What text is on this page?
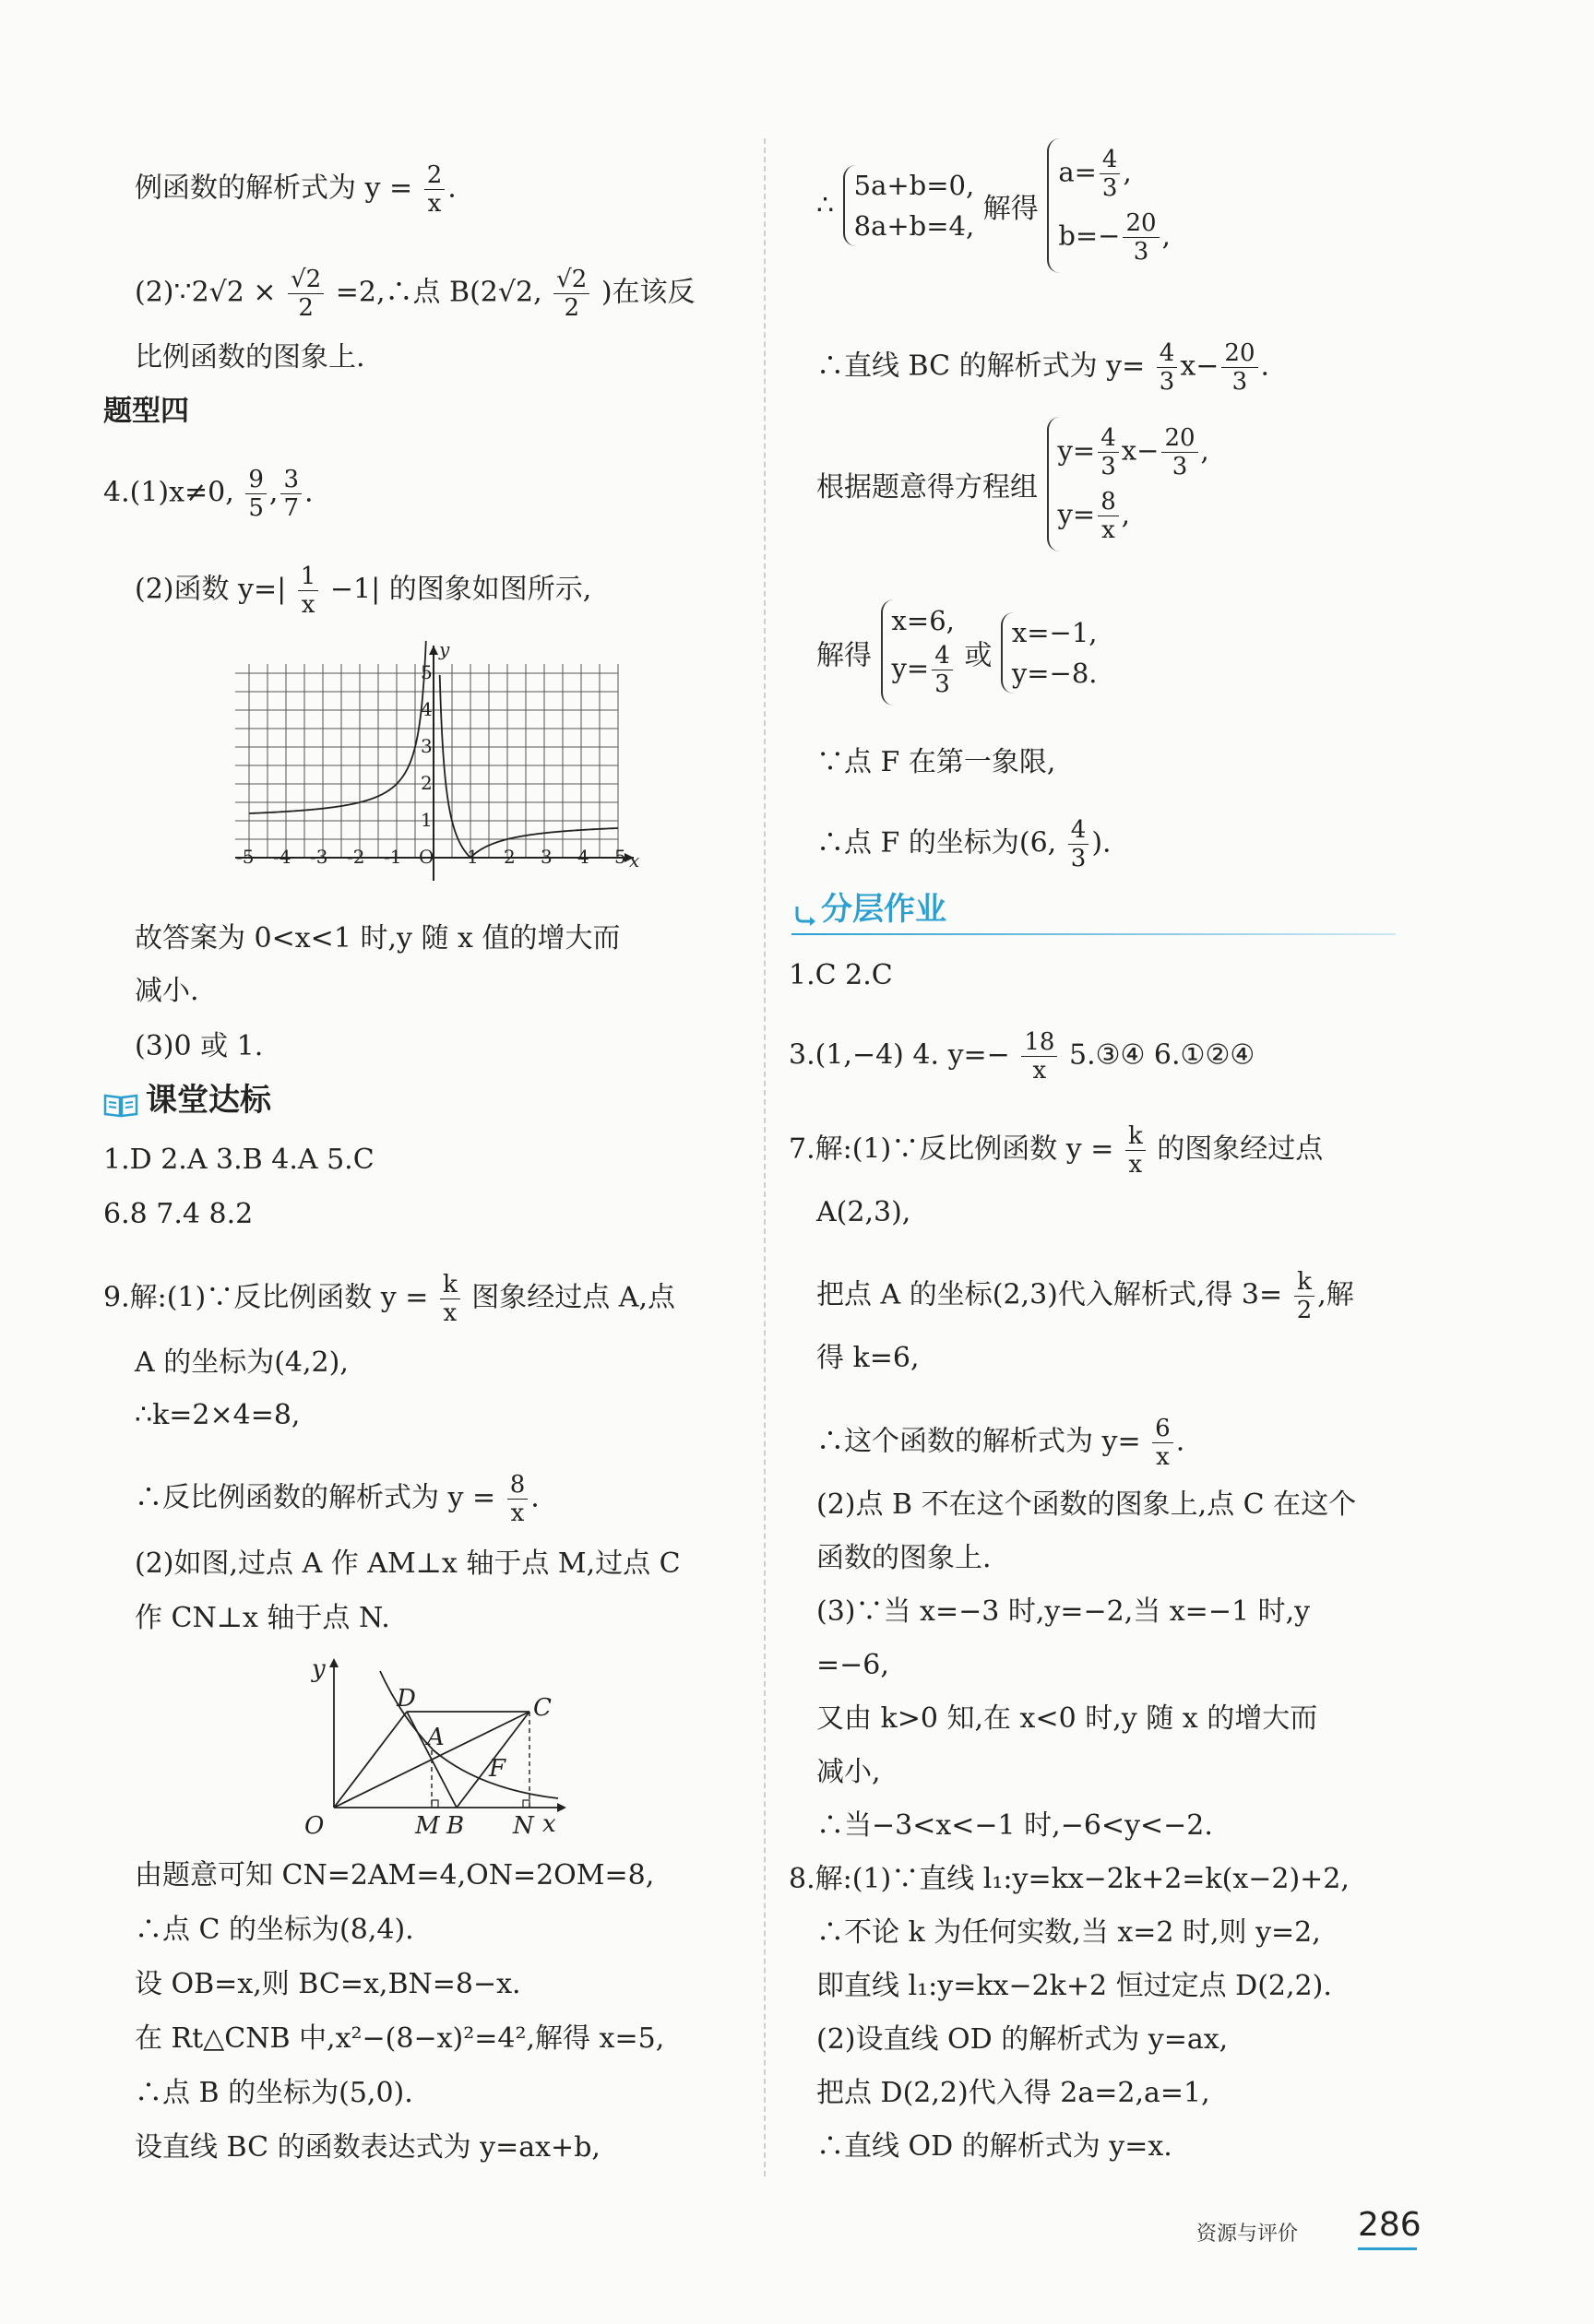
例函数的解析式为 $y = \frac{2}{x}$ .
(2)∵2√2 × $\frac{√2}{2}$ =2,∴点 B(2√2, $\frac{√2}{2}$ )在该反
比例函数的图象上.
题型四
4.(1)x≠0, $\frac{9}{5}$ , $\frac{3}{7}$ .
(2)函数 $y=| \frac{1}{x} -1|$ 的图象如图所示,
-5 -4 -3 -2 -1 O 1 2 3 4 5
1
2
3
4
5
x
y
故答案为 0<x<1 时,y 随 x 值的增大而
减小.
(3)0 或 1.
课堂达标
1.D 2.A 3.B 4.A 5.C
6.8 7.4 8.2
9.解:(1)∵反比例函数 $y = \frac{k}{x}$ 图象经过点 A,点
A 的坐标为(4,2),
∴k=2×4=8,
∴反比例函数的解析式为 $y = \frac{8}{x}$ .
(2)如图,过点 A 作 AM⊥x 轴于点 M,过点 C
作 CN⊥x 轴于点 N.
y
D	C
A
F
O	M B N x
由题意可知 CN=2AM=4,ON=2OM=8,
∴点 C 的坐标为(8,4).
设 OB=x,则 BC=x,BN=8−x.
在 Rt△CNB 中,x²−(8−x)²=4²,解得 x=5,
∴点 B 的坐标为(5,0).
设直线 BC 的函数表达式为 y=ax+b,
∴
5a+b=0,
8a+b=4,
解得
$a= \frac{4}{3}$ ,
$b=- \frac{20}{3}$ ,
∴直线 BC 的解析式为 $y= \frac{4}{3} x- \frac{20}{3}$ .
根据题意得方程组
$y= \frac{4}{3} x- \frac{20}{3}$ ,
$y= \frac{8}{x}$ ,
解得
x=6,
$y= \frac{4}{3}$ 或
x=−1,
y=−8.
∵点 F 在第一象限,
∴点 F 的坐标为(6, $\frac{4}{3}$ ).
分层作业
1.C 2.C
3.(1,−4) 4. $y=- \frac{18}{x}$ 5.③④ 6.①②④
7.解:(1)∵反比例函数 $y = \frac{k}{x}$ 的图象经过点
A(2,3),
把点 A 的坐标(2,3)代入解析式,得 $3= \frac{k}{2}$ ,解
得 k=6,
∴这个函数的解析式为 $y= \frac{6}{x}$ .
(2)点 B 不在这个函数的图象上,点 C 在这个
函数的图象上.
(3)∵当 x=−3 时,y=−2,当 x=−1 时,y
=−6,
又由 k>0 知,在 x<0 时,y 随 x 的增大而
减小,
∴当−3<x<−1 时,−6<y<−2.
8.解:(1)∵直线 l₁:y=kx−2k+2=k(x−2)+2,
∴不论 k 为任何实数,当 x=2 时,则 y=2,
即直线 l₁:y=kx−2k+2 恒过定点 D(2,2).
(2)设直线 OD 的解析式为 y=ax,
把点 D(2,2)代入得 2a=2,a=1,
∴直线 OD 的解析式为 y=x.
资源与评价 286
